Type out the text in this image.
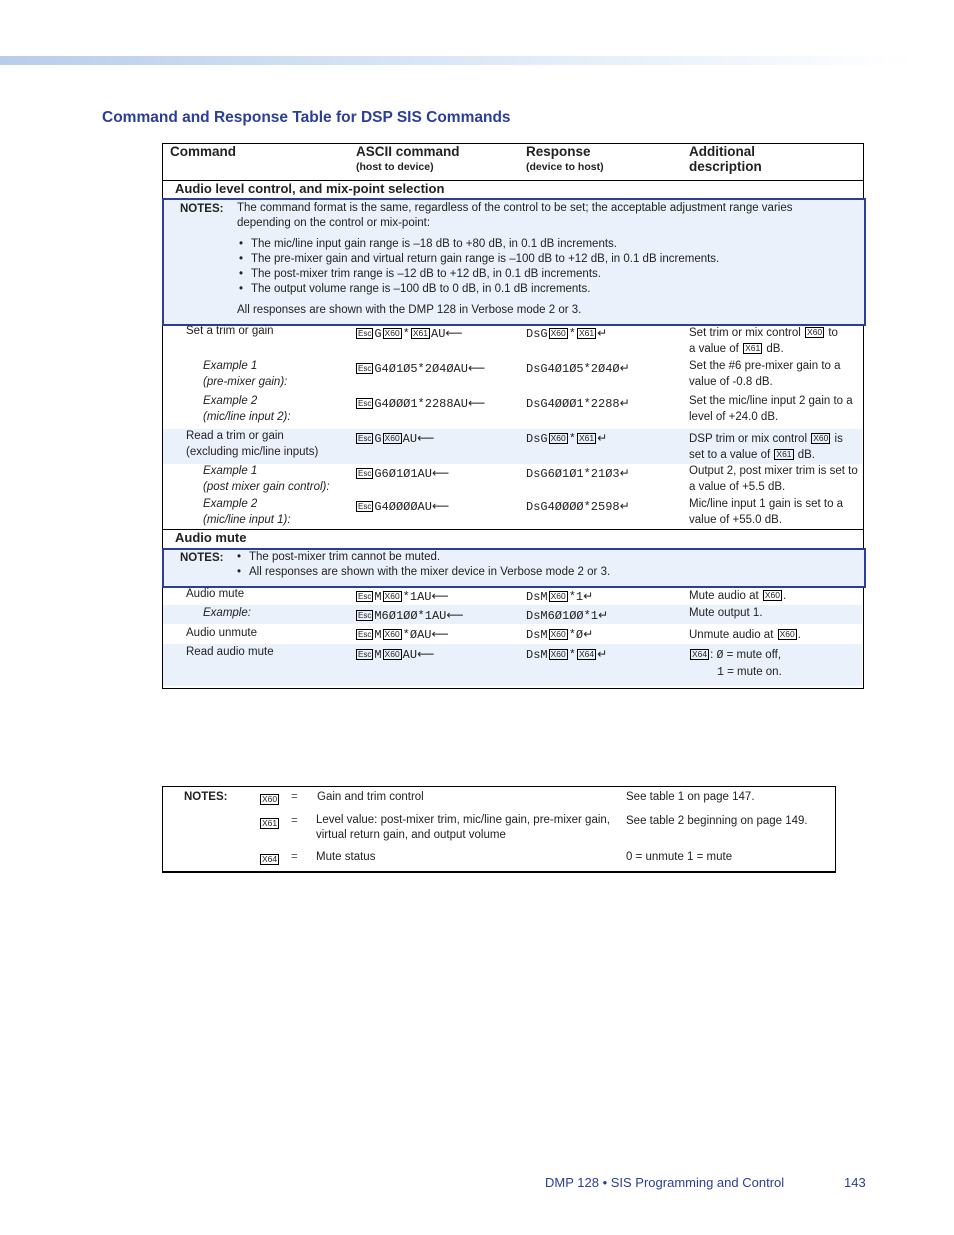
Command and Response Table for DSP SIS Commands
Command	ASCII command
(host to device)
Response
(device to host)
Additional
description
Audio level control, and mix-point selection
NOTES: The command format is the same, regardless of the control to be set; the acceptable adjustment range varies depending on the control or mix-point:
• The mic/line input gain range is –18 dB to +80 dB, in 0.1 dB increments.
• The pre-mixer gain and virtual return gain range is –100 dB to +12 dB, in 0.1 dB increments.
• The post-mixer trim range is –12 dB to +12 dB, in 0.1 dB increments.
• The output volume range is –100 dB to 0 dB, in 0.1 dB increments.
All responses are shown with the DMP 128 in Verbose mode 2 or 3.
Set a trim or gain	Esc G X60 * X61 AU⟵	DsG X60 * X61 ↵	Set trim or mix control X60 to
a value of X61 dB.
Example 1
(pre-mixer gain):
Esc G4Ø1Ø5*2Ø4ØAU⟵	DsG4Ø1Ø5*2Ø4Ø↵	Set the #6 pre-mixer gain to a value of -0.8 dB.
Example 2
(mic/line input 2):
Esc G4ØØØ1*2288AU⟵	DsG4ØØØ1*2288↵	Set the mic/line input 2 gain to a level of +24.0 dB.
Read a trim or gain
(excluding mic/line inputs)
Esc G X60 AU⟵	DsG X60 * X61 ↵	DSP trim or mix control X60 is
set to a value of X61 dB.
Example 1
(post mixer gain control):
Esc G6Ø1Ø1AU⟵	DsG6Ø1Ø1*21Ø3↵	Output 2, post mixer trim is set to a value of +5.5 dB.
Example 2
(mic/line input 1):
Esc G4ØØØØAU⟵	DsG4ØØØØ*2598↵	Mic/line input 1 gain is set to a value of +55.0 dB.
Audio mute
NOTES:
•	The post-mixer trim cannot be muted.
• All responses are shown with the mixer device in Verbose mode 2 or 3.
Audio mute	Esc M X60 *1AU⟵	DsM X60 *1↵	Mute audio at X60 .
Example:	Esc M6Ø1ØØ*1AU⟵	DsM6Ø1ØØ*1↵	Mute output 1.
Audio unmute	Esc M X60 *ØAU⟵	DsM X60 *Ø↵	Unmute audio at X60 .
Read audio mute	Esc M X60 AU⟵	DsM X60 * X64 ↵	X64 : Ø = mute off,
1 = mute on.
NOTES:	X60 = Gain and trim control	See table 1 on page 147.
X61 = Level value: post-mixer trim, mic/line gain, pre-mixer gain, virtual return gain, and output volume
See table 2 beginning on page 149.
X64 = Mute status	0 = unmute 1 = mute
DMP 128 • SIS Programming and Control	143
